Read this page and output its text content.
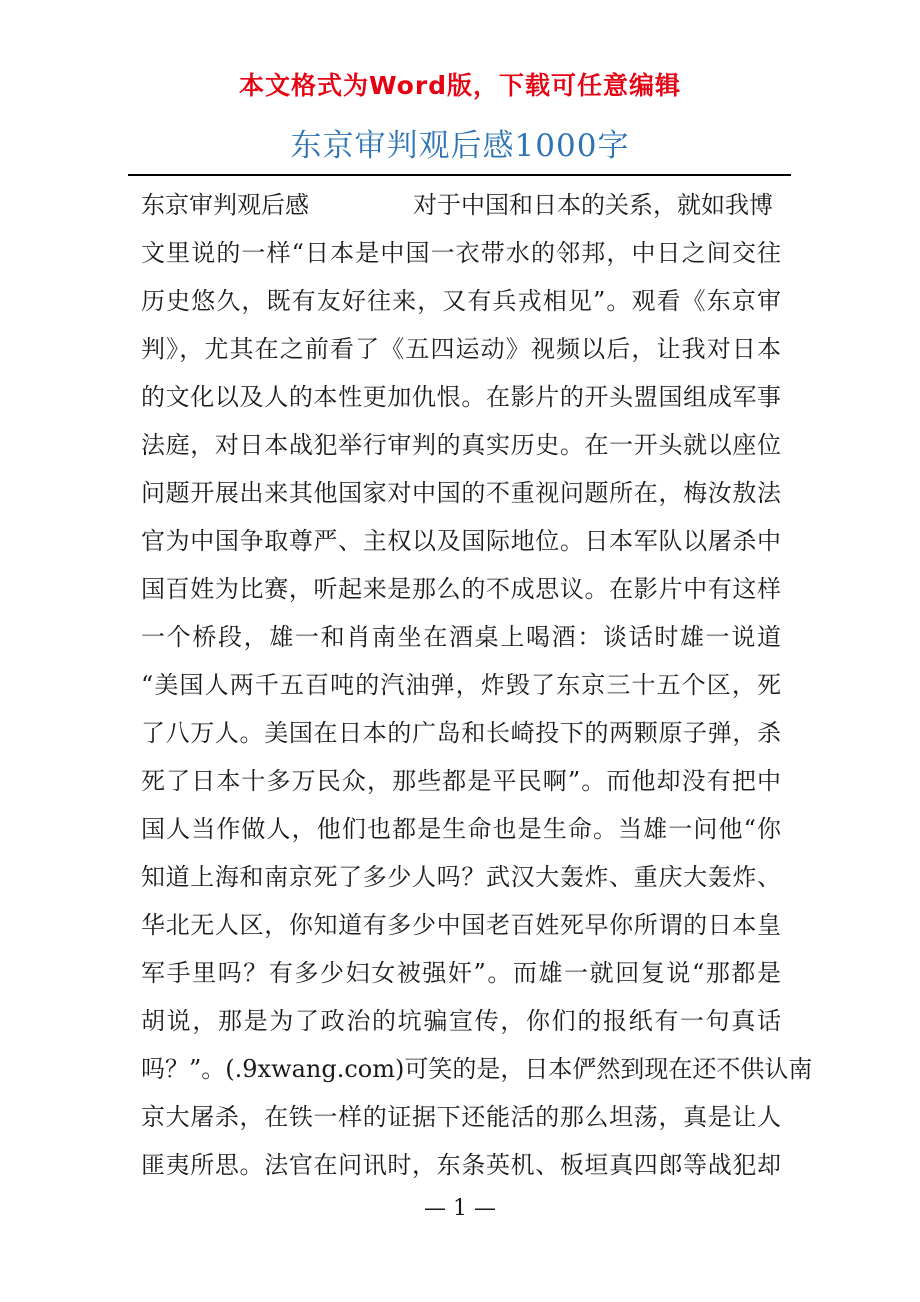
本文格式为Word版，下载可任意编辑
东京审判观后感1000字
东京审判观后感	对于中国和日本的关系，就如我博
文里说的一样“日本是中国一衣带水的邻邦，中日之间交往
历史悠久，既有友好往来，又有兵戎相见”。观看《东京审
判》，尤其在之前看了《五四运动》视频以后，让我对日本
的文化以及人的本性更加仇恨。在影片的开头盟国组成军事
法庭，对日本战犯举行审判的真实历史。在一开头就以座位
问题开展出来其他国家对中国的不重视问题所在，梅汝敖法
官为中国争取尊严、主权以及国际地位。日本军队以屠杀中
国百姓为比赛，听起来是那么的不成思议。在影片中有这样
一个桥段，雄一和肖南坐在酒桌上喝酒：谈话时雄一说道
“美国人两千五百吨的汽油弹，炸毁了东京三十五个区，死
了八万人。美国在日本的广岛和长崎投下的两颗原子弹，杀
死了日本十多万民众，那些都是平民啊”。而他却没有把中
国人当作做人，他们也都是生命也是生命。当雄一问他“你
知道上海和南京死了多少人吗？武汉大轰炸、重庆大轰炸、
华北无人区，你知道有多少中国老百姓死早你所谓的日本皇
军手里吗？有多少妇女被强奸”。而雄一就回复说“那都是
胡说，那是为了政治的坑骗宣传，你们的报纸有一句真话
吗？”。(.9xwang.com)可笑的是，日本俨然到现在还不供认南
京大屠杀，在铁一样的证据下还能活的那么坦荡，真是让人
匪夷所思。法官在问讯时，东条英机、板垣真四郎等战犯却
— 1 —
